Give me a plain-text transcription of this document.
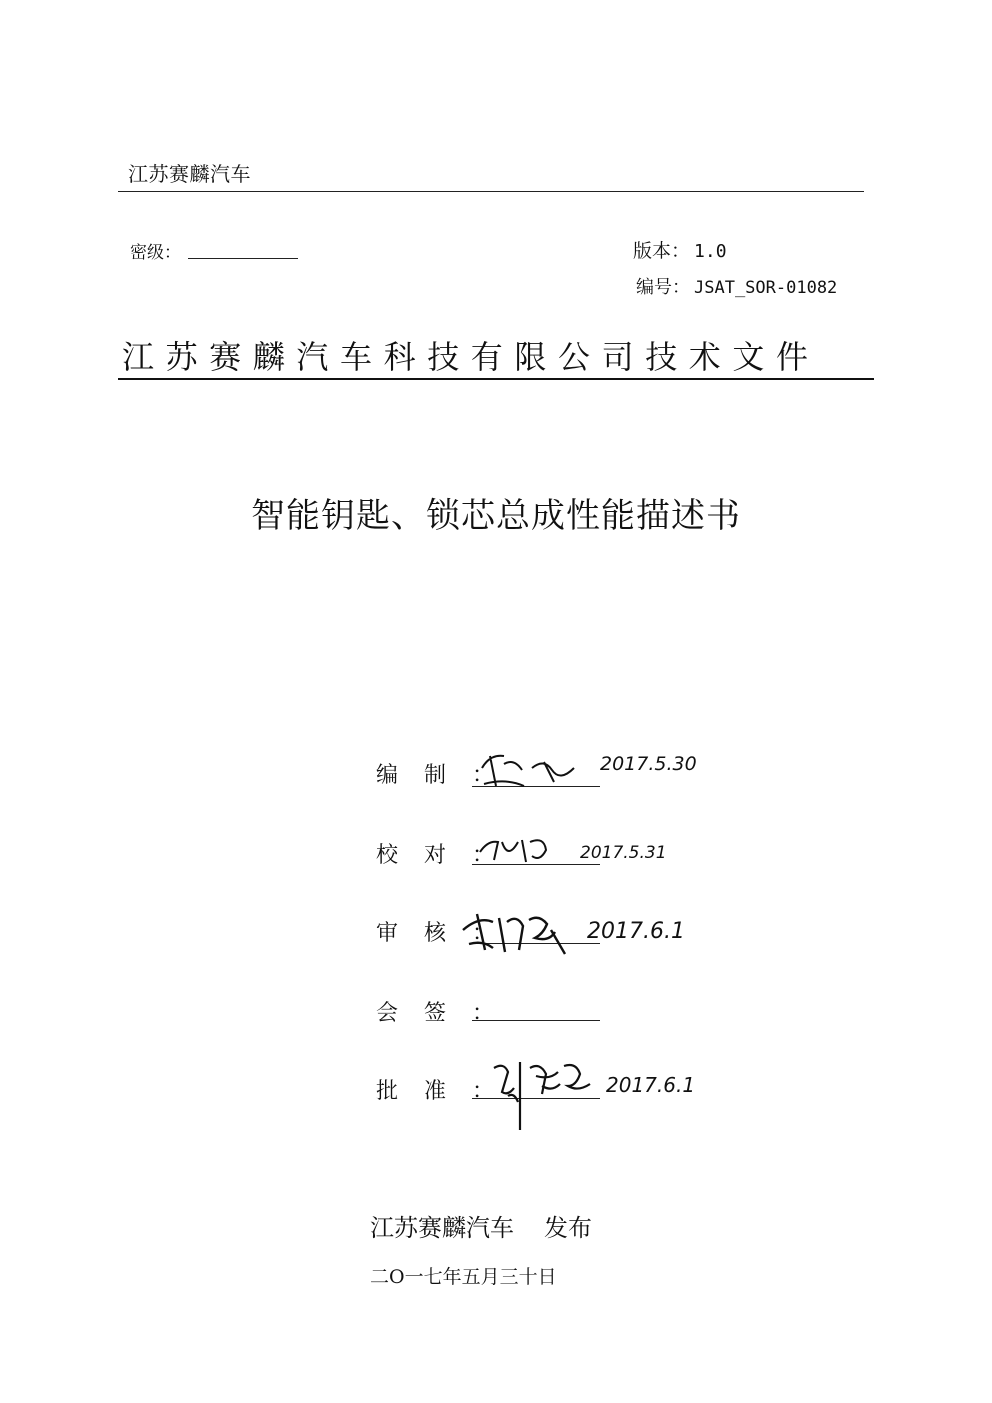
江苏赛麟汽车
密级：	版本： 1.0
编号： JSAT_SOR-01082
江苏赛麟汽车科技有限公司技术文件
智能钥匙、锁芯总成性能描述书
编制：	2017.5.30
校对：	2017.5.31
审核：	2017.6.1
会签：
批准：	2017.6.1
江苏赛麟汽车 发布
二O一七年五月三十日
